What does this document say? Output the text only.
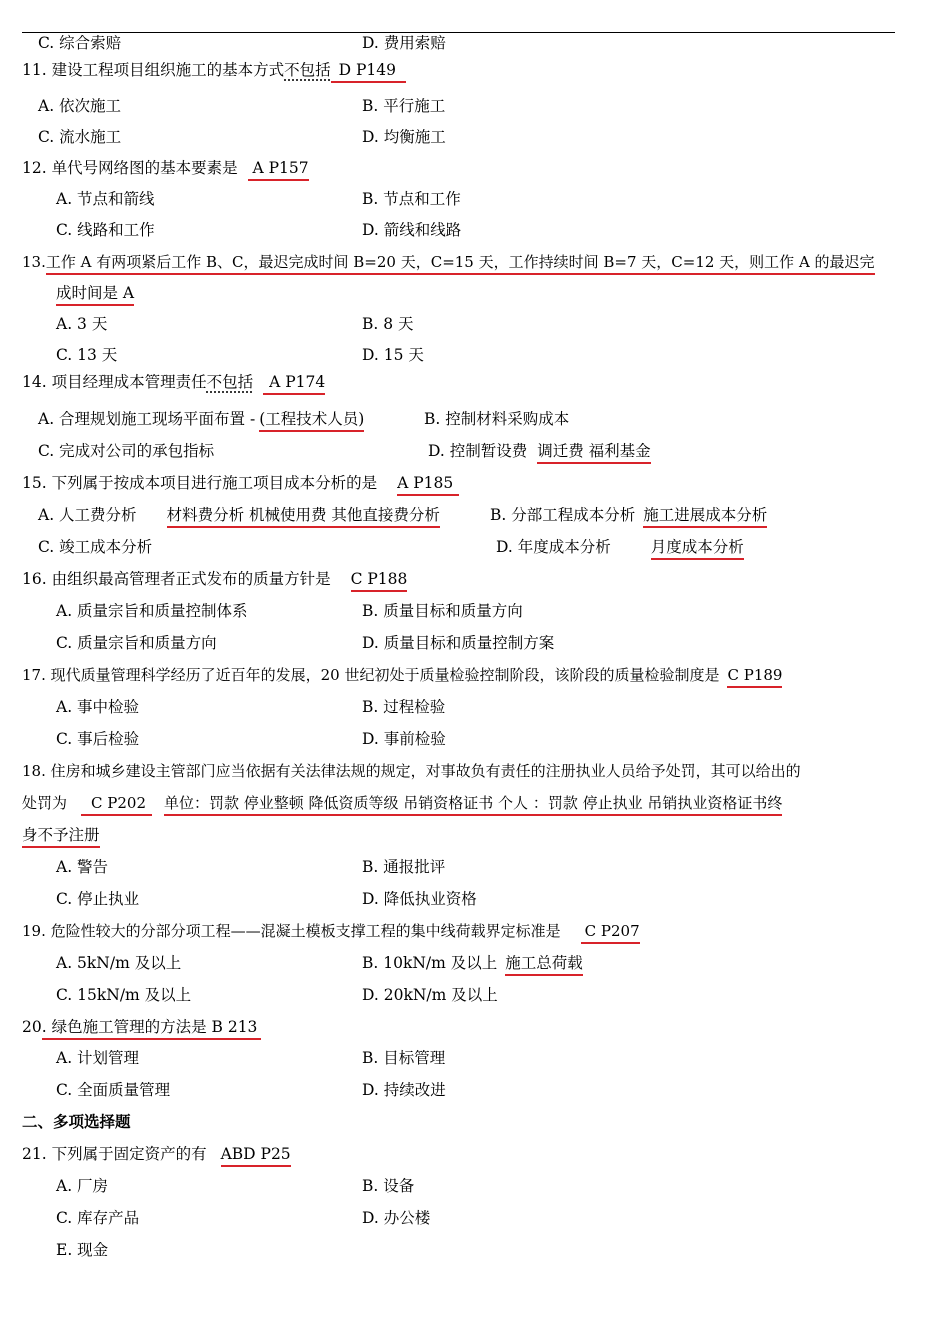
C. 综合索赔	D. 费用索赔
11. 建设工程项目组织施工的基本方式不包括 D P149
A. 依次施工	B. 平行施工
C. 流水施工	D. 均衡施工
12. 单代号网络图的基本要素是 A P157
A. 节点和箭线	B. 节点和工作
C. 线路和工作	D. 箭线和线路
13.工作 A 有两项紧后工作 B、C，最迟完成时间 B=20 天，C=15 天，工作持续时间 B=7 天，C=12 天，则工作 A 的最迟完
成时间是 A
A. 3 天	B. 8 天
C. 13 天	D. 15 天
14. 项目经理成本管理责任不包括 A P174
A. 合理规划施工现场平面布置 - (工程技术人员)	B. 控制材料采购成本
C. 完成对公司的承包指标	D. 控制暂设费 调迁费 福利基金
15. 下列属于按成本项目进行施工项目成本分析的是 A P185
A. 人工费分析 材料费分析 机械使用费 其他直接费分析	B. 分部工程成本分析 施工进展成本分析
C. 竣工成本分析	D. 年度成本分析	月度成本分析
16. 由组织最高管理者正式发布的质量方针是 C P188
A. 质量宗旨和质量控制体系	B. 质量目标和质量方向
C. 质量宗旨和质量方向	D. 质量目标和质量控制方案
17. 现代质量管理科学经历了近百年的发展，20 世纪初处于质量检验控制阶段，该阶段的质量检验制度是 C P189
A. 事中检验	B. 过程检验
C. 事后检验	D. 事前检验
18. 住房和城乡建设主管部门应当依据有关法律法规的规定，对事故负有责任的注册执业人员给予处罚，其可以给出的
处罚为 C P202 单位：罚款 停业整顿 降低资质等级 吊销资格证书 个人 ：罚款 停止执业 吊销执业资格证书终
身不予注册
A. 警告	B. 通报批评
C. 停止执业	D. 降低执业资格
19. 危险性较大的分部分项工程——混凝土模板支撑工程的集中线荷载界定标准是 C P207
A. 5kN/m 及以上	B. 10kN/m 及以上 施工总荷载
C. 15kN/m 及以上	D. 20kN/m 及以上
20. 绿色施工管理的方法是 B 213
A. 计划管理	B. 目标管理
C. 全面质量管理	D. 持续改进
二、多项选择题
21. 下列属于固定资产的有 ABD P25
A. 厂房	B. 设备
C. 库存产品	D. 办公楼
E. 现金
